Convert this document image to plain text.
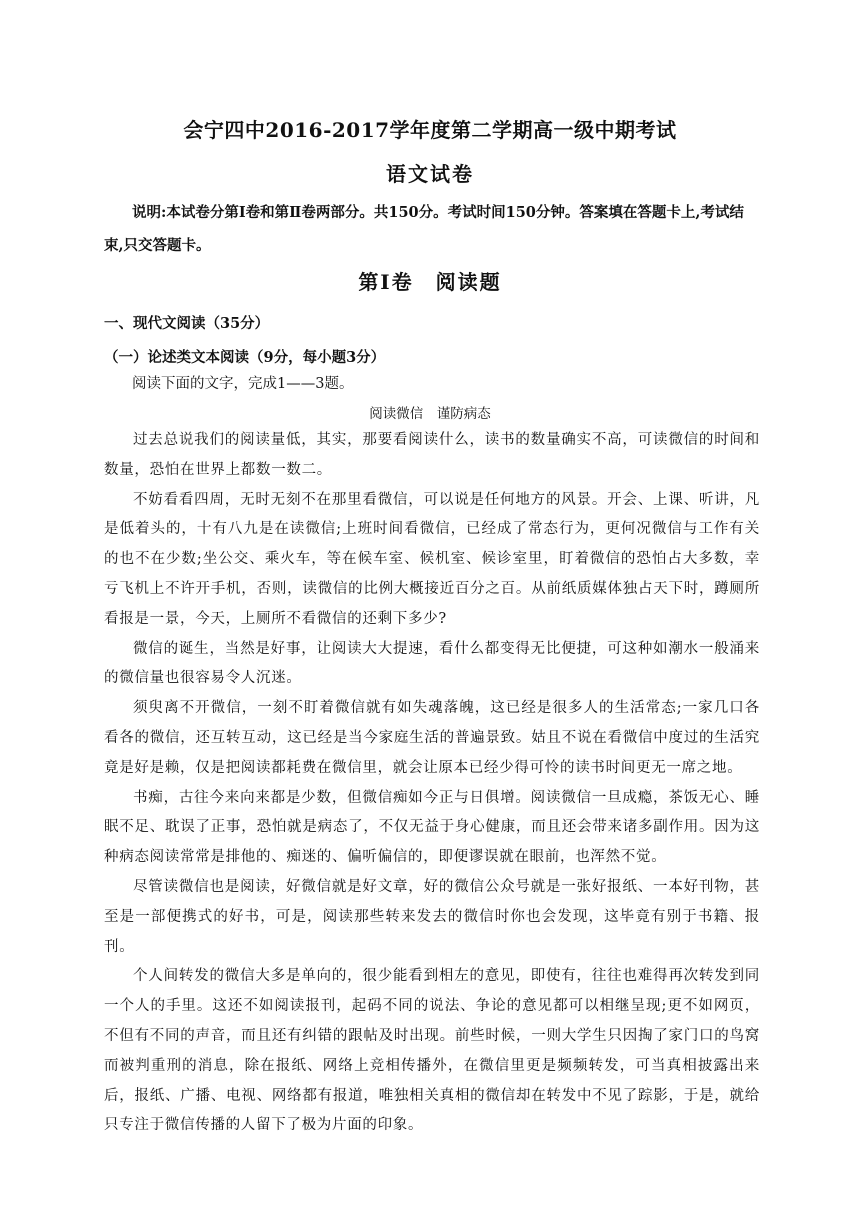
会宁四中2016-2017学年度第二学期高一级中期考试
语文试卷
说明:本试卷分第Ⅰ卷和第Ⅱ卷两部分。共150分。考试时间150分钟。答案填在答题卡上,考试结束,只交答题卡。
第Ⅰ卷　阅读题
一、现代文阅读（35分）
（一）论述类文本阅读（9分，每小题3分）
阅读下面的文字，完成1——3题。
阅读微信　谨防病态

过去总说我们的阅读量低，其实，那要看阅读什么，读书的数量确实不高，可读微信的时间和数量，恐怕在世界上都数一数二。

不妨看看四周，无时无刻不在那里看微信，可以说是任何地方的风景。开会、上课、听讲，凡是低着头的，十有八九是在读微信;上班时间看微信，已经成了常态行为，更何况微信与工作有关的也不在少数;坐公交、乘火车，等在候车室、候机室、候诊室里，盯着微信的恐怕占大多数，幸亏飞机上不许开手机，否则，读微信的比例大概接近百分之百。从前纸质媒体独占天下时，蹲厕所看报是一景，今天，上厕所不看微信的还剩下多少?

微信的诞生，当然是好事，让阅读大大提速，看什么都变得无比便捷，可这种如潮水一般涌来的微信量也很容易令人沉迷。

须臾离不开微信，一刻不盯着微信就有如失魂落魄，这已经是很多人的生活常态;一家几口各看各的微信，还互转互动，这已经是当今家庭生活的普遍景致。姑且不说在看微信中度过的生活究竟是好是赖，仅是把阅读都耗费在微信里，就会让原本已经少得可怜的读书时间更无一席之地。

书痴，古往今来向来都是少数，但微信痴如今正与日俱增。阅读微信一旦成瘾，茶饭无心、睡眠不足、耽误了正事，恐怕就是病态了，不仅无益于身心健康，而且还会带来诸多副作用。因为这种病态阅读常常是排他的、痴迷的、偏听偏信的，即便谬误就在眼前，也浑然不觉。

尽管读微信也是阅读，好微信就是好文章，好的微信公众号就是一张好报纸、一本好刊物，甚至是一部便携式的好书，可是，阅读那些转来发去的微信时你也会发现，这毕竟有别于书籍、报刊。

个人间转发的微信大多是单向的，很少能看到相左的意见，即使有，往往也难得再次转发到同一个人的手里。这还不如阅读报刊，起码不同的说法、争论的意见都可以相继呈现;更不如网页，不但有不同的声音，而且还有纠错的跟帖及时出现。前些时候，一则大学生只因掏了家门口的鸟窝而被判重刑的消息，除在报纸、网络上竞相传播外，在微信里更是频频转发，可当真相披露出来后，报纸、广播、电视、网络都有报道，唯独相关真相的微信却在转发中不见了踪影，于是，就给只专注于微信传播的人留下了极为片面的印象。
